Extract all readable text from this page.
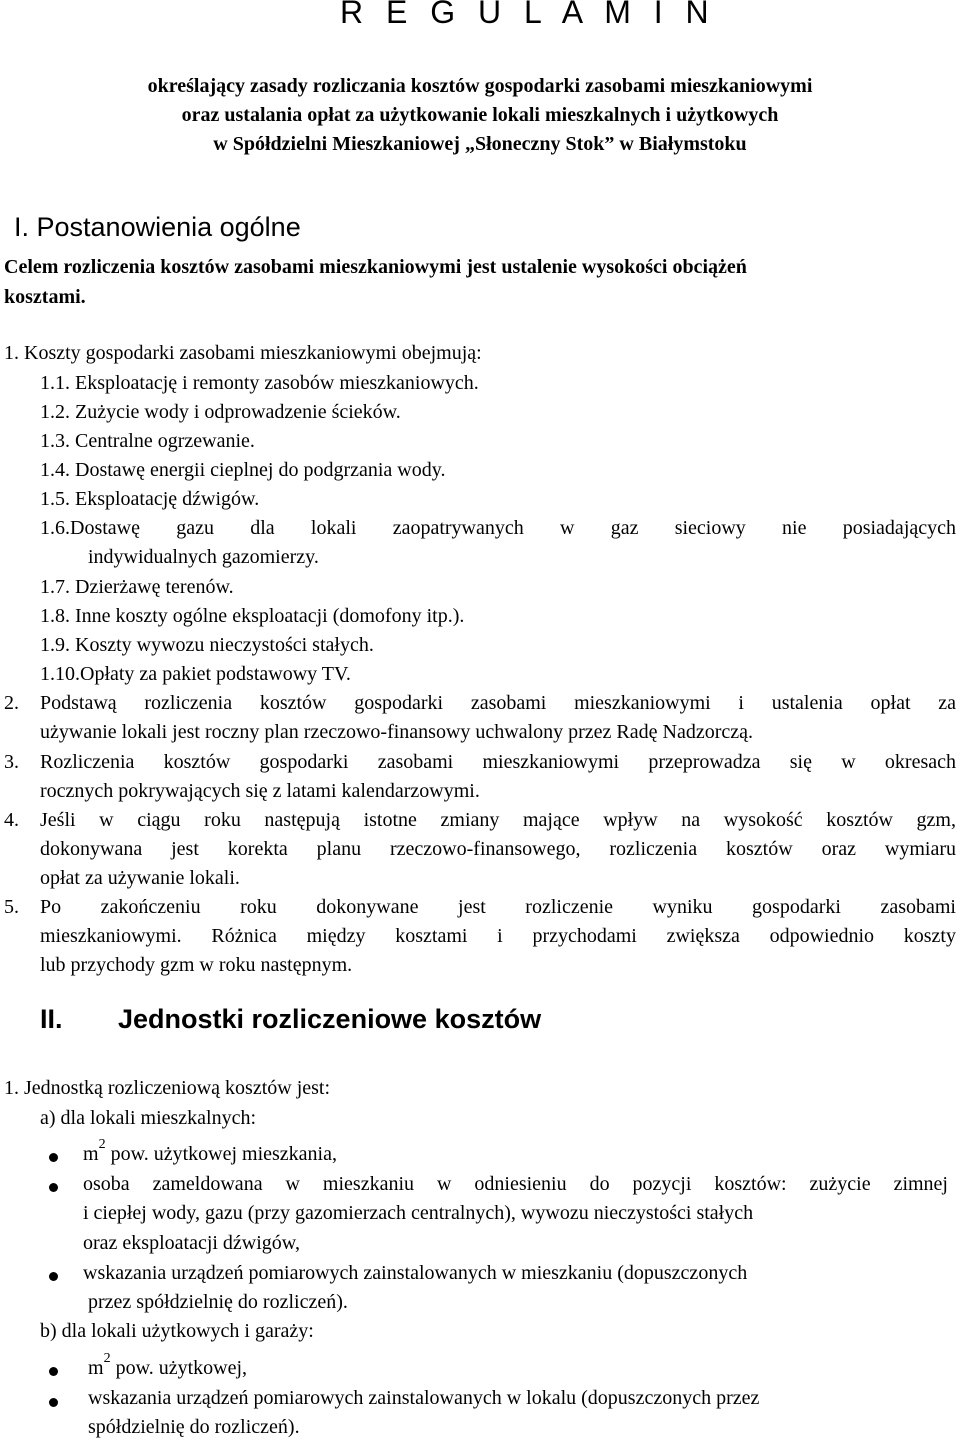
R E G U L A M I N
określający zasady rozliczania kosztów gospodarki zasobami mieszkaniowymi
oraz ustalania opłat za użytkowanie lokali mieszkalnych i użytkowych
w Spółdzielni Mieszkaniowej „Słoneczny Stok” w Białymstoku
I. Postanowienia ogólne
Celem rozliczenia kosztów zasobami mieszkaniowymi jest ustalenie wysokości obciążeń
kosztami.
1. Koszty gospodarki zasobami mieszkaniowymi obejmują:
1.1. Eksploatację i remonty zasobów mieszkaniowych.
1.2. Zużycie wody i odprowadzenie ścieków.
1.3. Centralne ogrzewanie.
1.4. Dostawę energii cieplnej do podgrzania wody.
1.5. Eksploatację dźwigów.
1.6.Dostawę gazu dla lokali zaopatrywanych w gaz sieciowy nie posiadających
indywidualnych gazomierzy.
1.7. Dzierżawę terenów.
1.8. Inne koszty ogólne eksploatacji (domofony itp.).
1.9. Koszty wywozu nieczystości stałych.
1.10.Opłaty za pakiet podstawowy TV.
2. Podstawą rozliczenia kosztów gospodarki zasobami mieszkaniowymi i ustalenia opłat za
używanie lokali jest roczny plan rzeczowo-finansowy uchwalony przez Radę Nadzorczą.
3. Rozliczenia kosztów gospodarki zasobami mieszkaniowymi przeprowadza się w okresach
rocznych pokrywających się z latami kalendarzowymi.
4. Jeśli w ciągu roku następują istotne zmiany mające wpływ na wysokość kosztów gzm,
dokonywana jest korekta planu rzeczowo-finansowego, rozliczenia kosztów oraz wymiaru
opłat za używanie lokali.
5. Po zakończeniu roku dokonywane jest rozliczenie wyniku gospodarki zasobami
mieszkaniowymi. Różnica między kosztami i przychodami zwiększa odpowiednio koszty
lub przychody gzm w roku następnym.
II. Jednostki rozliczeniowe kosztów
1. Jednostką rozliczeniową kosztów jest:
a) dla lokali mieszkalnych:
$m^2$ pow. użytkowej mieszkania,
osoba zameldowana w mieszkaniu w odniesieniu do pozycji kosztów: zużycie zimnej
i ciepłej wody, gazu (przy gazomierzach centralnych), wywozu nieczystości stałych
oraz eksploatacji dźwigów,
wskazania urządzeń pomiarowych zainstalowanych w mieszkaniu (dopuszczonych
przez spółdzielnię do rozliczeń).
b) dla lokali użytkowych i garaży:
$m^2$ pow. użytkowej,
wskazania urządzeń pomiarowych zainstalowanych w lokalu (dopuszczonych przez
spółdzielnię do rozliczeń).
